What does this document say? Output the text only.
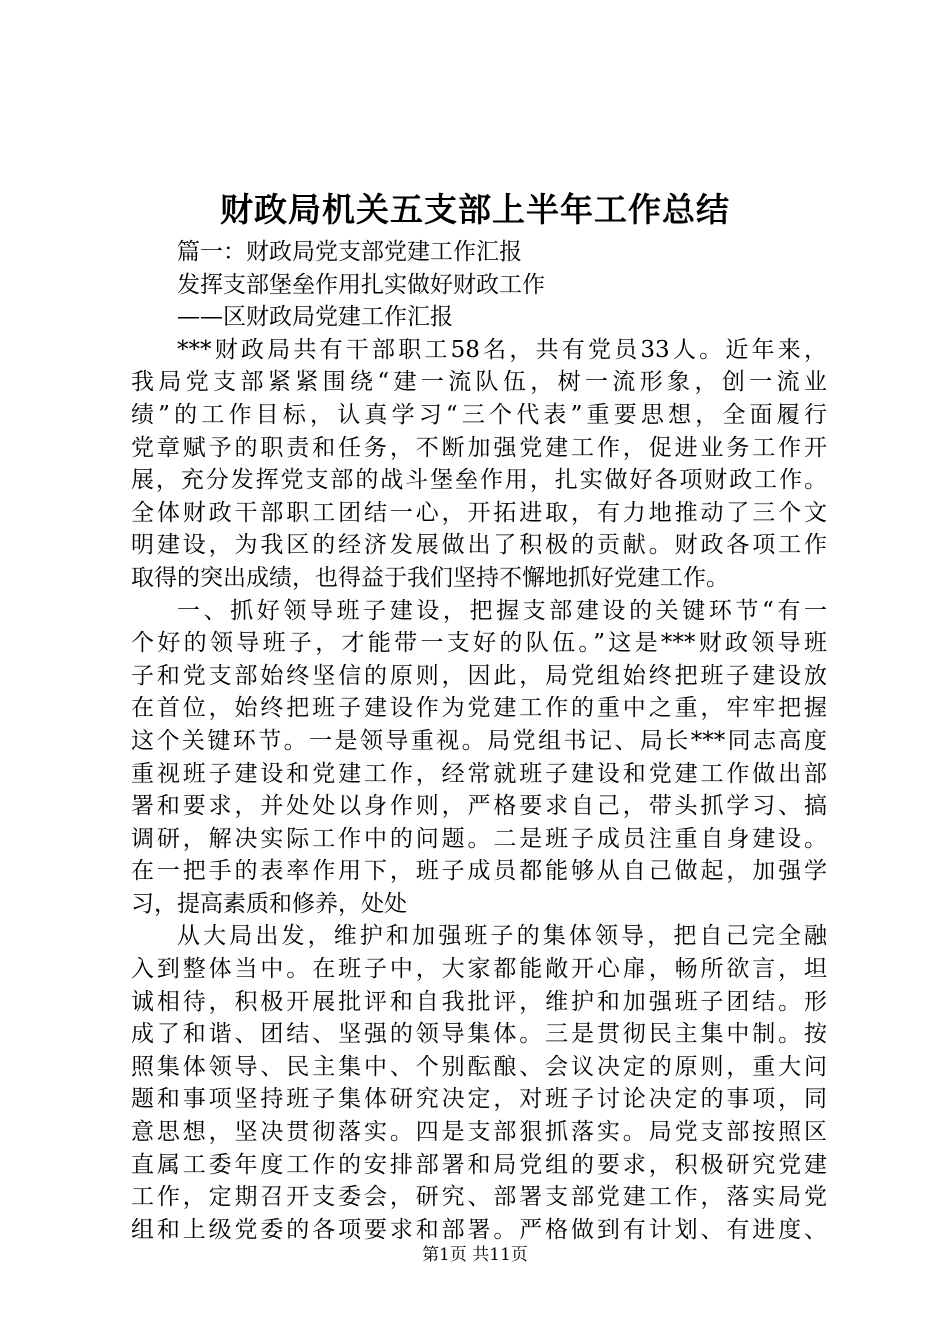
财政局机关五支部上半年工作总结
篇一：财政局党支部党建工作汇报
发挥支部堡垒作用扎实做好财政工作
——区财政局党建工作汇报
***财政局共有干部职工58名，共有党员33人。近年来，
我局党支部紧紧围绕“建一流队伍，树一流形象，创一流业
绩”的工作目标，认真学习“三个代表”重要思想，全面履行
党章赋予的职责和任务，不断加强党建工作，促进业务工作开
展，充分发挥党支部的战斗堡垒作用，扎实做好各项财政工作。
全体财政干部职工团结一心，开拓进取，有力地推动了三个文
明建设，为我区的经济发展做出了积极的贡献。财政各项工作
取得的突出成绩，也得益于我们坚持不懈地抓好党建工作。
一、抓好领导班子建设，把握支部建设的关键环节“有一
个好的领导班子，才能带一支好的队伍。”这是***财政领导班
子和党支部始终坚信的原则，因此，局党组始终把班子建设放
在首位，始终把班子建设作为党建工作的重中之重，牢牢把握
这个关键环节。一是领导重视。局党组书记、局长***同志高度
重视班子建设和党建工作，经常就班子建设和党建工作做出部
署和要求，并处处以身作则，严格要求自己，带头抓学习、搞
调研，解决实际工作中的问题。二是班子成员注重自身建设。
在一把手的表率作用下，班子成员都能够从自己做起，加强学
习，提高素质和修养，处处
从大局出发，维护和加强班子的集体领导，把自己完全融
入到整体当中。在班子中，大家都能敞开心扉，畅所欲言，坦
诚相待，积极开展批评和自我批评，维护和加强班子团结。形
成了和谐、团结、坚强的领导集体。三是贯彻民主集中制。按
照集体领导、民主集中、个别酝酿、会议决定的原则，重大问
题和事项坚持班子集体研究决定，对班子讨论决定的事项，同
意思想，坚决贯彻落实。四是支部狠抓落实。局党支部按照区
直属工委年度工作的安排部署和局党组的要求，积极研究党建
工作，定期召开支委会，研究、部署支部党建工作，落实局党
组和上级党委的各项要求和部署。严格做到有计划、有进度、
第1页 共11页
